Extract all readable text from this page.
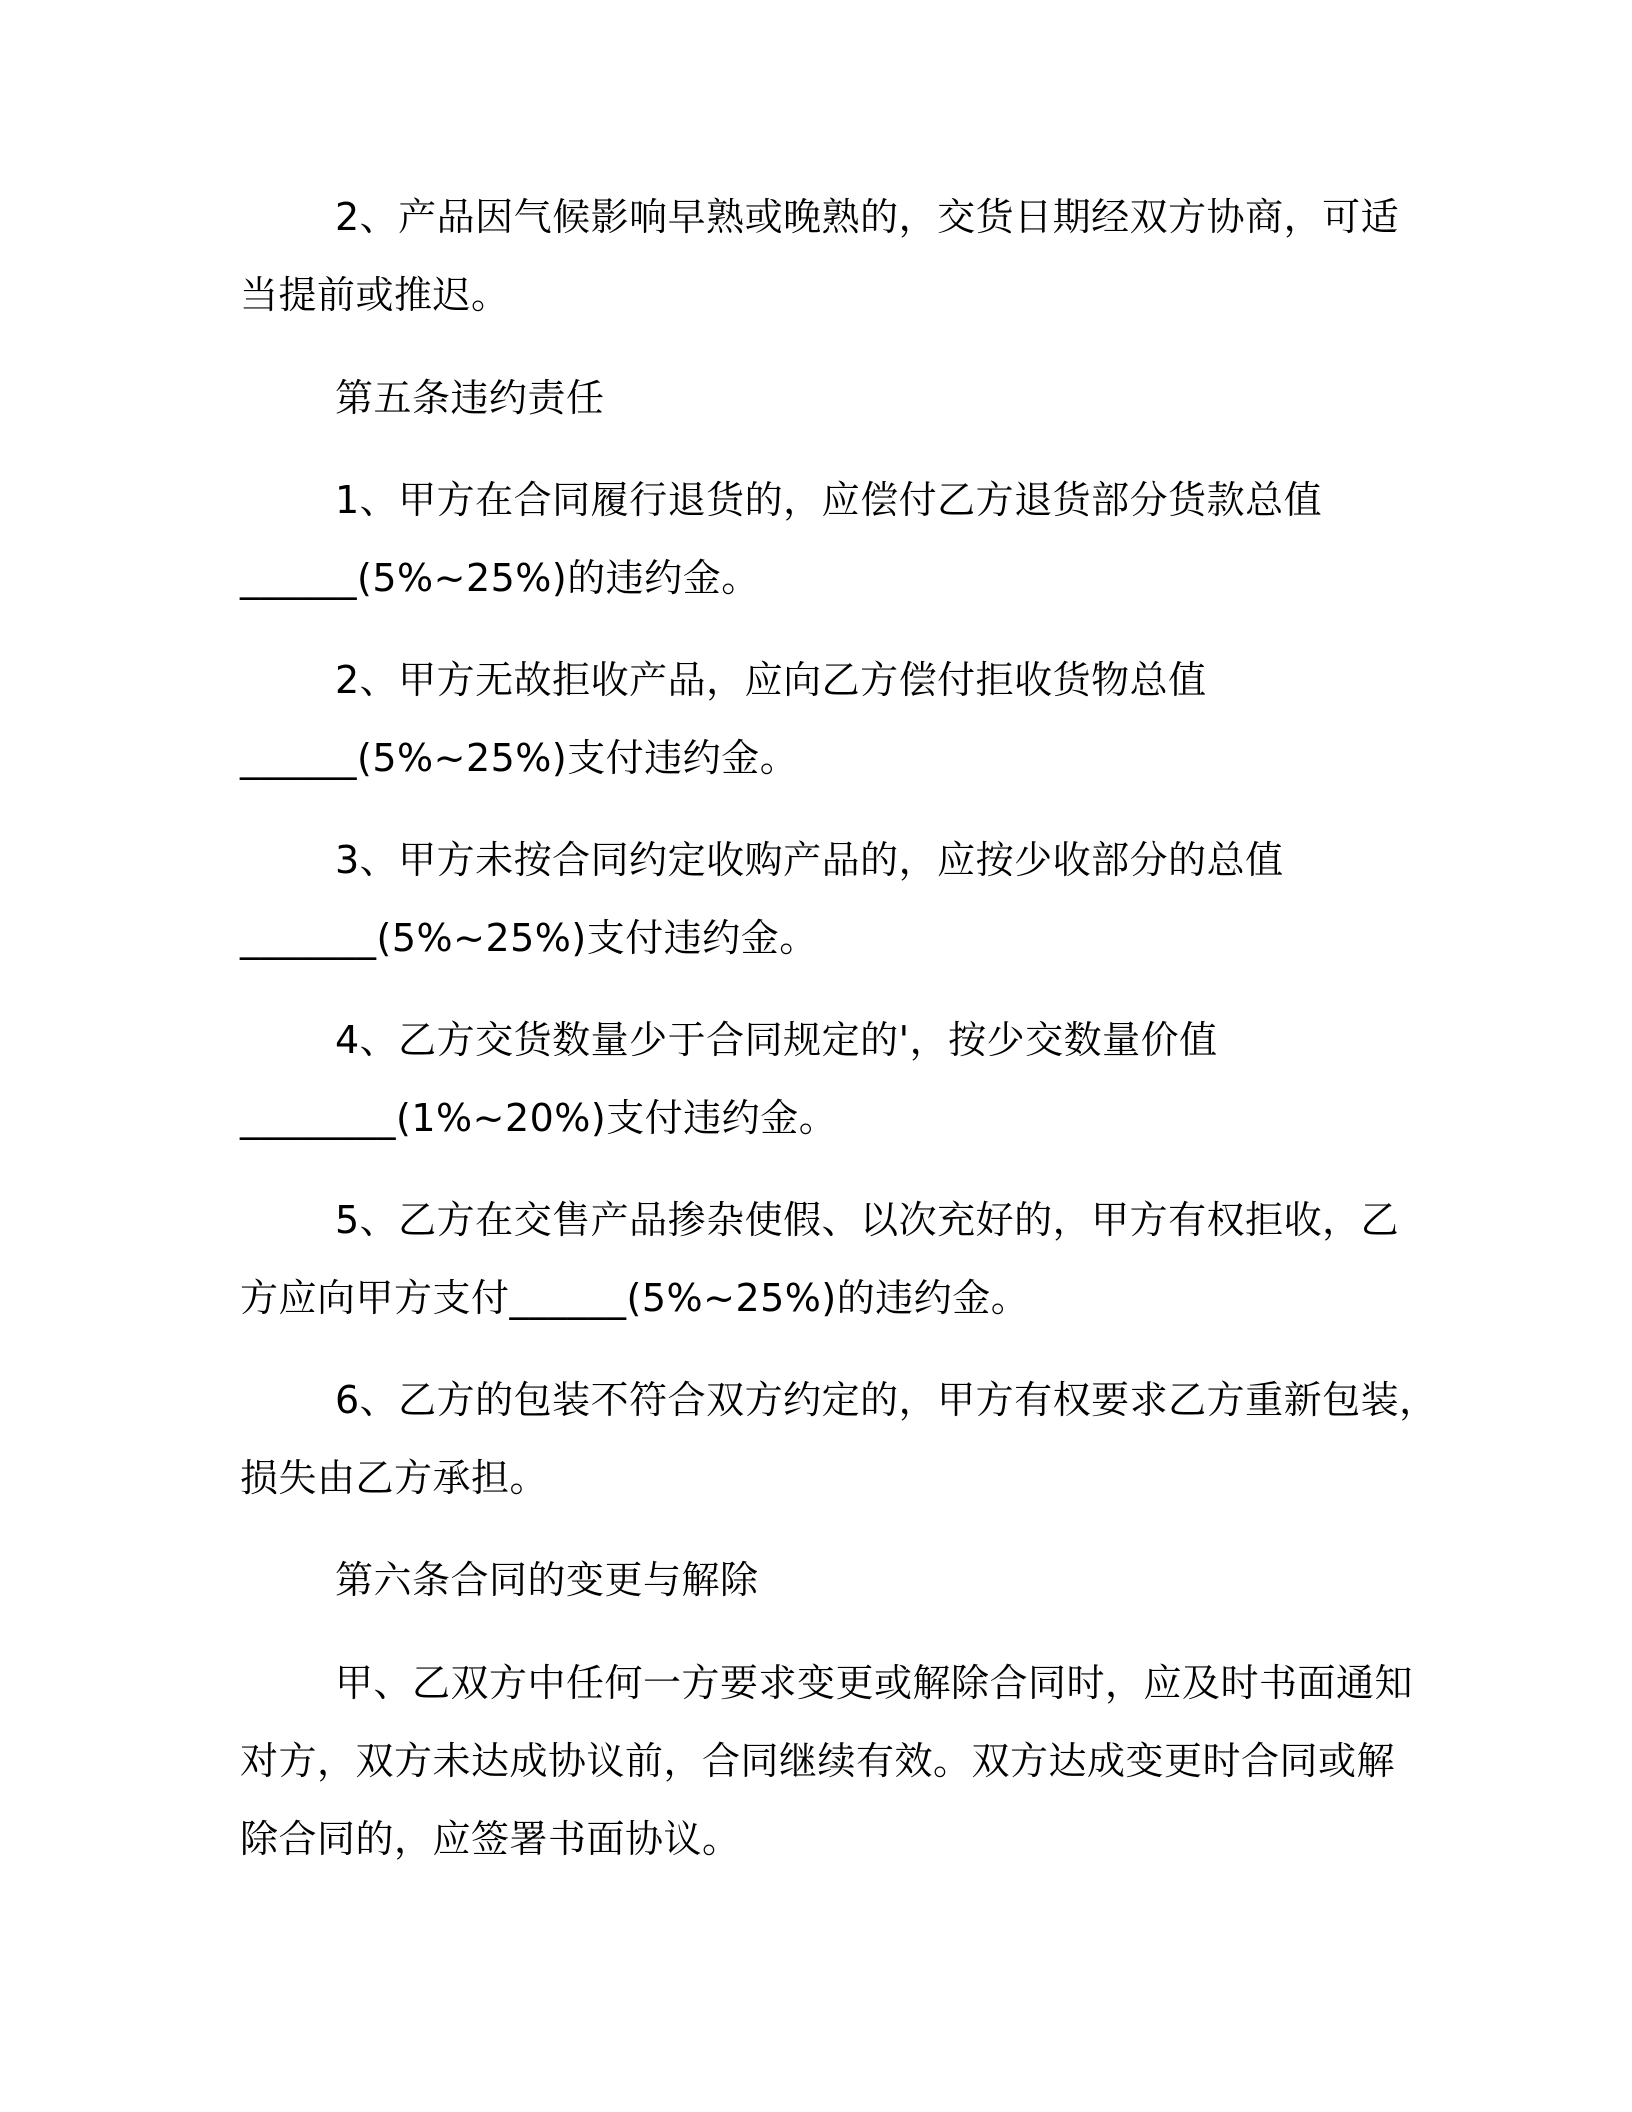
2、产品因气候影响早熟或晚熟的，交货日期经双方协商，可适
当提前或推迟。
第五条违约责任
1、甲方在合同履行退货的，应偿付乙方退货部分货款总值
______(5%~25%)的违约金。
2、甲方无故拒收产品，应向乙方偿付拒收货物总值
______(5%~25%)支付违约金。
3、甲方未按合同约定收购产品的，应按少收部分的总值
_______(5%~25%)支付违约金。
4、乙方交货数量少于合同规定的'，按少交数量价值
________(1%~20%)支付违约金。
5、乙方在交售产品掺杂使假、以次充好的，甲方有权拒收，乙
方应向甲方支付______(5%~25%)的违约金。
6、乙方的包装不符合双方约定的，甲方有权要求乙方重新包装，
损失由乙方承担。
第六条合同的变更与解除
甲、乙双方中任何一方要求变更或解除合同时，应及时书面通知
对方，双方未达成协议前，合同继续有效。双方达成变更时合同或解
除合同的，应签署书面协议。
